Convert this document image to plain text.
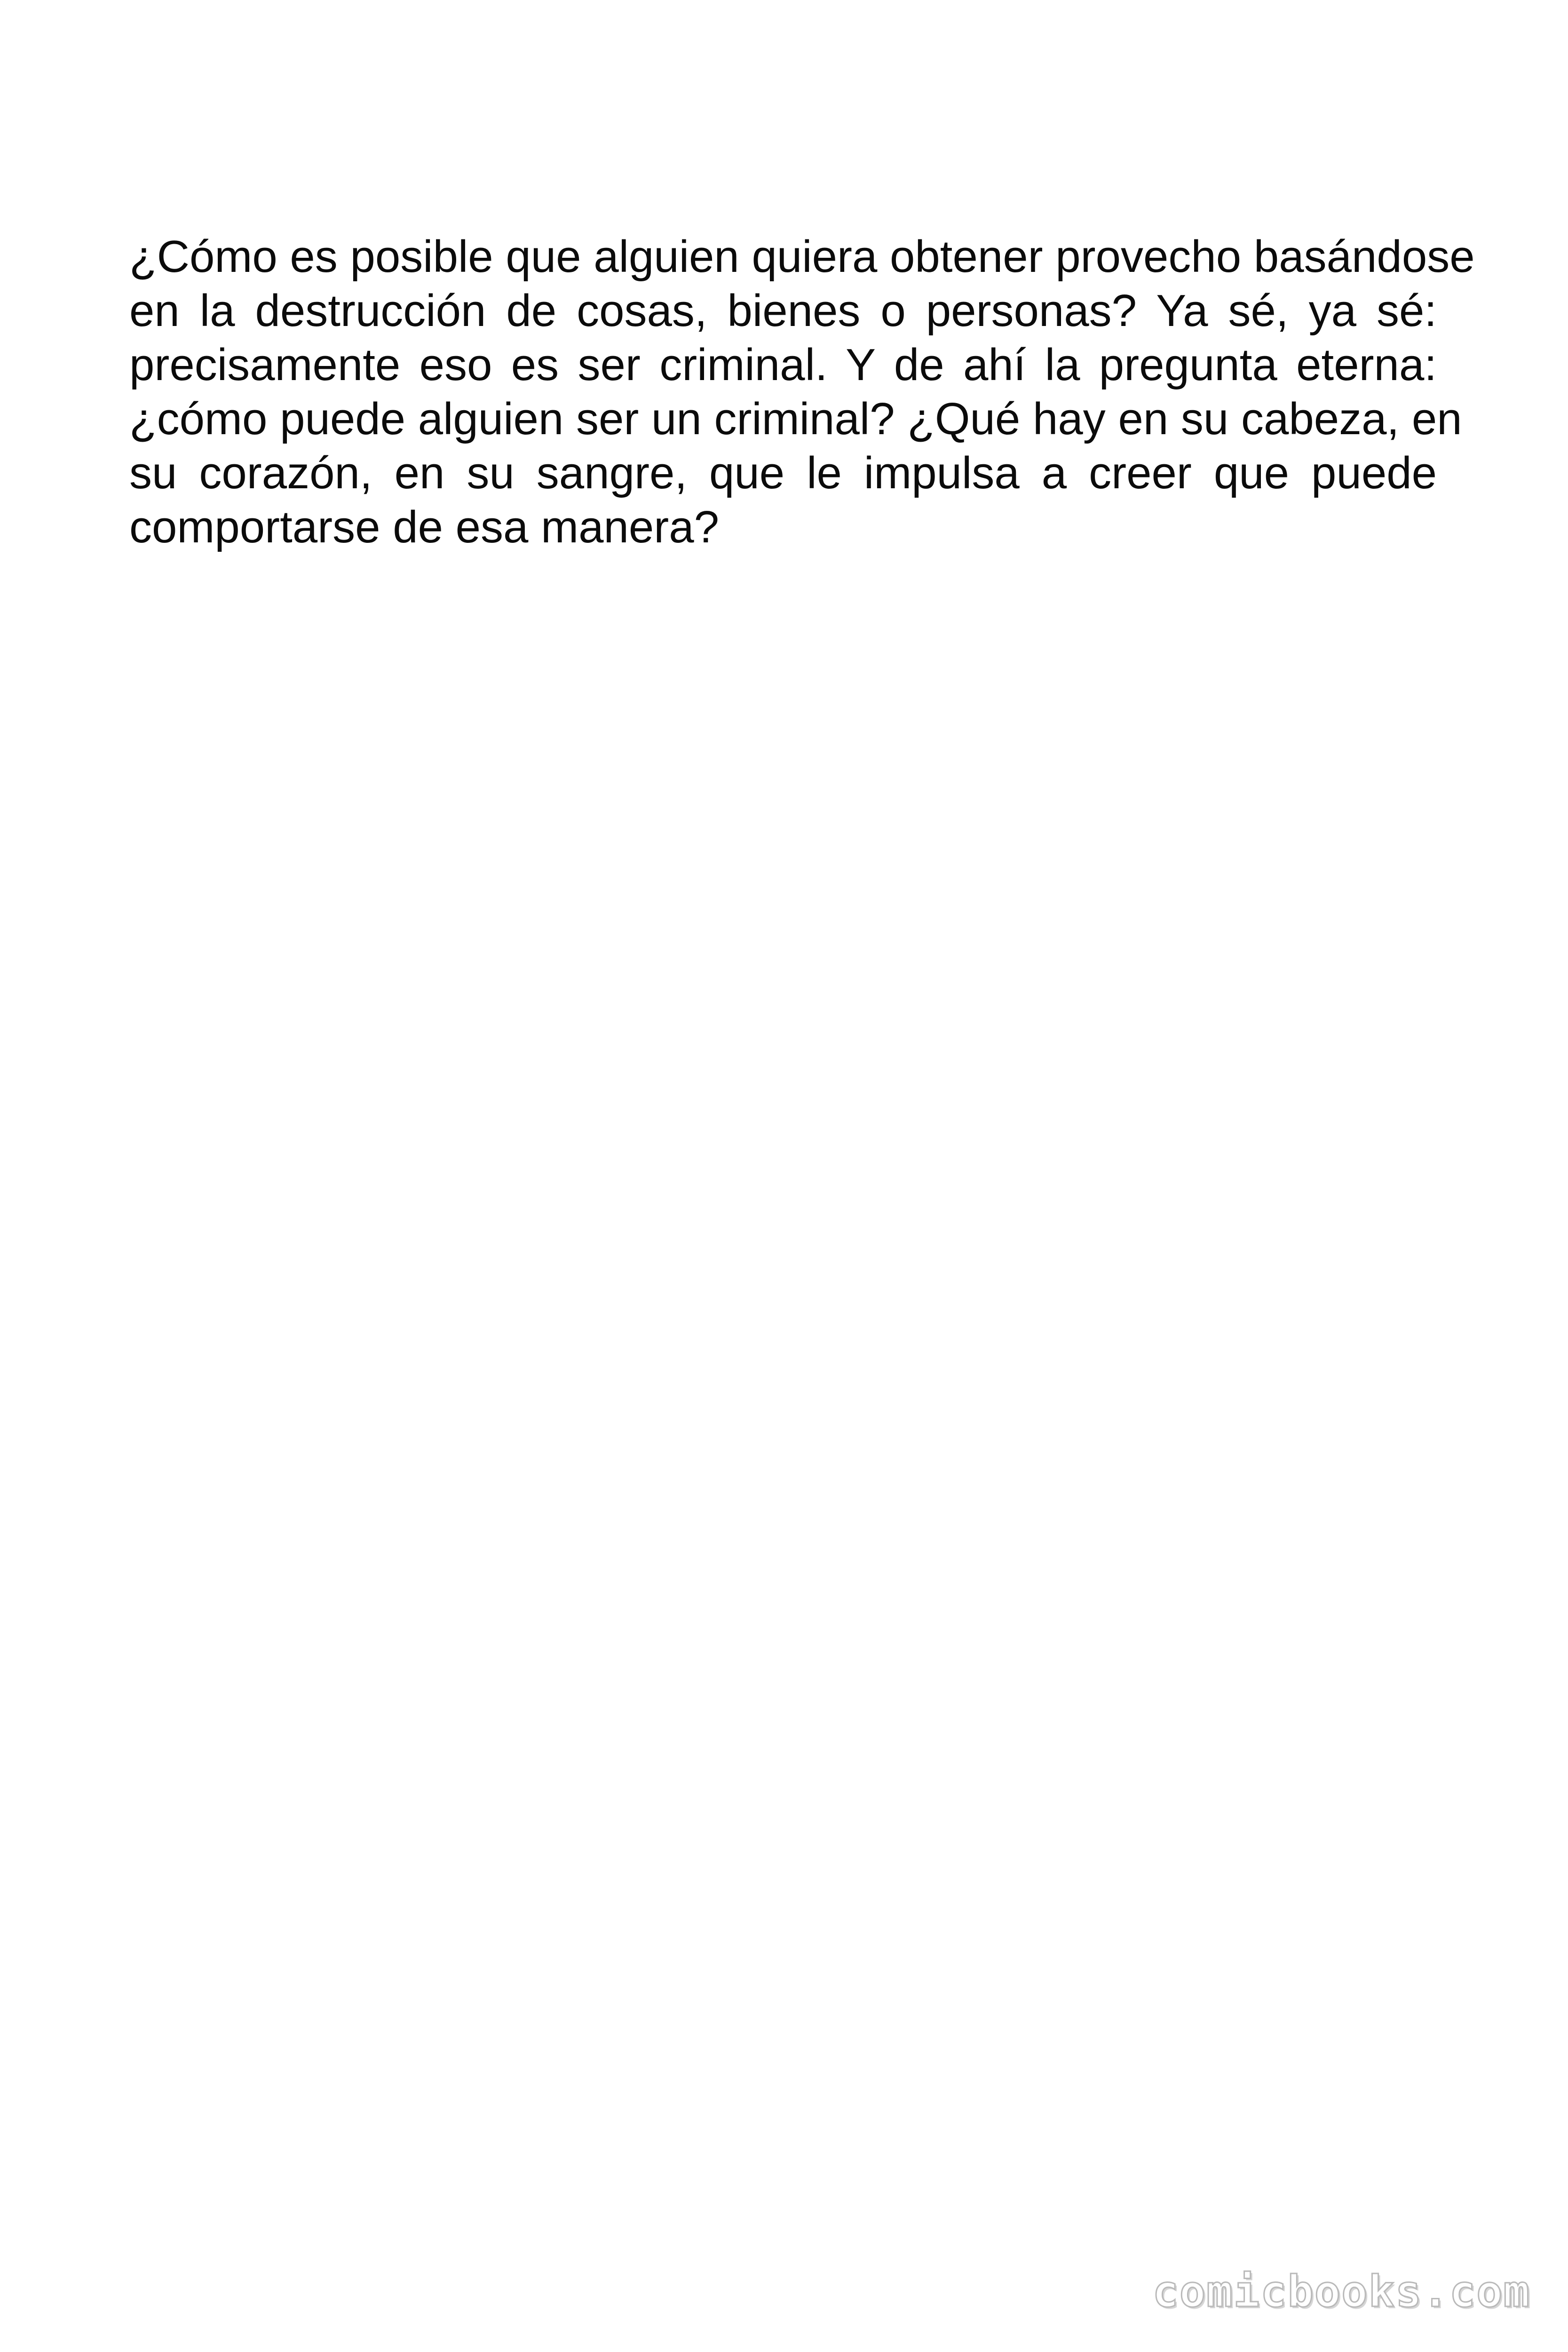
¿Cómo es posible que alguien quiera obtener provecho basándose
en la destrucción de cosas, bienes o personas? Ya sé, ya sé:
precisamente eso es ser criminal. Y de ahí la pregunta eterna:
¿cómo puede alguien ser un criminal? ¿Qué hay en su cabeza, en
su corazón, en su sangre, que le impulsa a creer que puede
comportarse de esa manera?

comicbooks.com
